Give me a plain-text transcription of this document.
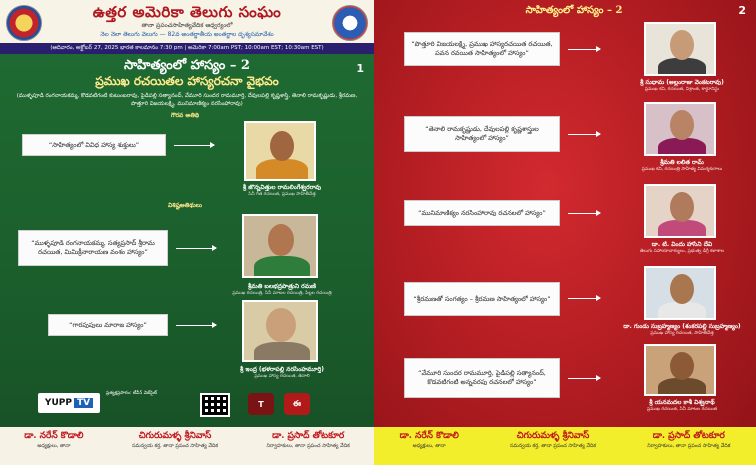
ఉత్తర అమెరికా తెలుగు సంఘం
తానా ప్రపంచసాహిత్యవేదిక ఆధ్వర్యంలో
నెల నెలా తెలుగు వెలుగు — 82వ అంతర్జాతీయ అంతర్జాల దృశ్యసమావేశం
(ఆదివారం, అక్టోబర్ 27, 2025 భారత కాలమానం 7:30 pm | అమెరికా 7:00am PST; 10:00am EST; 10:30am EST)
సాహిత్యంలో హాస్యం – 2	1
ప్రముఖ రచయితల హాస్యరచనా వైభవం
(ముళ్ళపూడి రంగనాయకమ్మ, కొడవటిగంటి కుటుంబరావు, పైడిపల్లి సత్యానంద్, వేమూరి సుందర రామమూర్తి, దేవులపల్లి కృష్ణశాస్త్రి, తెనాలి రామకృష్ణుడు, శ్రీరమణ, పొత్తూరి విజయలక్ష్మి, మునిమాణిక్యం నరసింహారావు)
గౌరవ అతిథి
“సాహిత్యంలో వివిధ హాస్య శుక్తులు”
శ్రీ జొన్నవిత్తుల రామలింగేశ్వరరావు
సినీ గీత రచయిత, ప్రముఖ సాహితీవేత్త
విశిష్టఅతిథులు
“ముళ్ళపూడి రంగనాయకమ్మ, సత్యప్రసాద్ శ్రీరామ రచయిత, మిమిక్రీనారాయణ వంశం హాస్యం”
శ్రీమతి బలభద్రపాత్రుని రమణి
ప్రముఖ రచయిత్రి, సినీ మాటల రచయిత్రి, పిల్లల రచయిత్రి
“గారపుపులు మారాజ హాస్యం”
శ్రీ ఇంద్ర (భళరాపల్లి నరసింహమూర్తి)
ప్రముఖ హాస్య రచయిత, తెనాలి
YUPP TV
ప్రత్యక్షప్రసారం: టీవీ5 వెబ్‌సైట్
T	ఈ
డా. నరేన్ కొడాలి
అధ్యక్షులు, తానా
చిగురుమళ్ళ శ్రీనివాస్
సమన్వయ కర్త, తానా ప్రపంచ సాహిత్య వేదిక
డా. ప్రసాద్ తోటకూర
నిర్వాహకులు, తానా ప్రపంచ సాహిత్య వేదిక
సాహిత్యంలో హాస్యం – 2	2
“పొత్తూరి విజయలక్ష్మి, ప్రముఖ హాస్యరచయిత రచయిత, పవన రవయిత సాహిత్యంలో హాస్యం”
శ్రీ సుధామ (అల్లంరాజు వెంకటరావు)
ప్రముఖ కవి, రచయిత, విశ్రాంత, కార్టూనిస్టు
“తెనాలి రామకృష్ణుడు, దేవులపల్లి కృష్ణశాస్త్రుల సాహిత్యంలో హాస్యం”
శ్రీమతి లలిత రామ్
ప్రముఖ కవి, రచయిత్రి సాహిత్య విమర్శకురాలు
“మునిమాణిక్యం నరసింహారావు రచనలలో హాస్యం”
డా. టి. విందు హాసిని దేవి
తెలుగు సహాయాచార్యులు, ప్రభుత్వ డిగ్రీ కళాశాల
“శ్రీరమణతో సంగత్యం – శ్రీరమణ సాహిత్యంలో హాస్యం”
డా. గుండు సుబ్రహ్మణ్యం (శంకరపల్లి సుబ్రహ్మణ్యం)
ప్రముఖ హాస్య రచయిత, సాహితీవేత్త
“వేమూరి సుందర రామమూర్తి, పైడిపల్లి సత్యానంద్, కొడవటిగంటి అన్నవరపు రచనలలో హాస్యం”
శ్రీ యనమదల కాశీ విశ్వనాథ్
ప్రముఖ రచయిత, సినీ మాటల రచయిత
డా. నరేన్ కొడాలి
అధ్యక్షులు, తానా
చిగురుమళ్ళ శ్రీనివాస్
సమన్వయ కర్త, తానా ప్రపంచ సాహిత్య వేదిక
డా. ప్రసాద్ తోటకూర
నిర్వాహకులు, తానా ప్రపంచ సాహిత్య వేదిక
